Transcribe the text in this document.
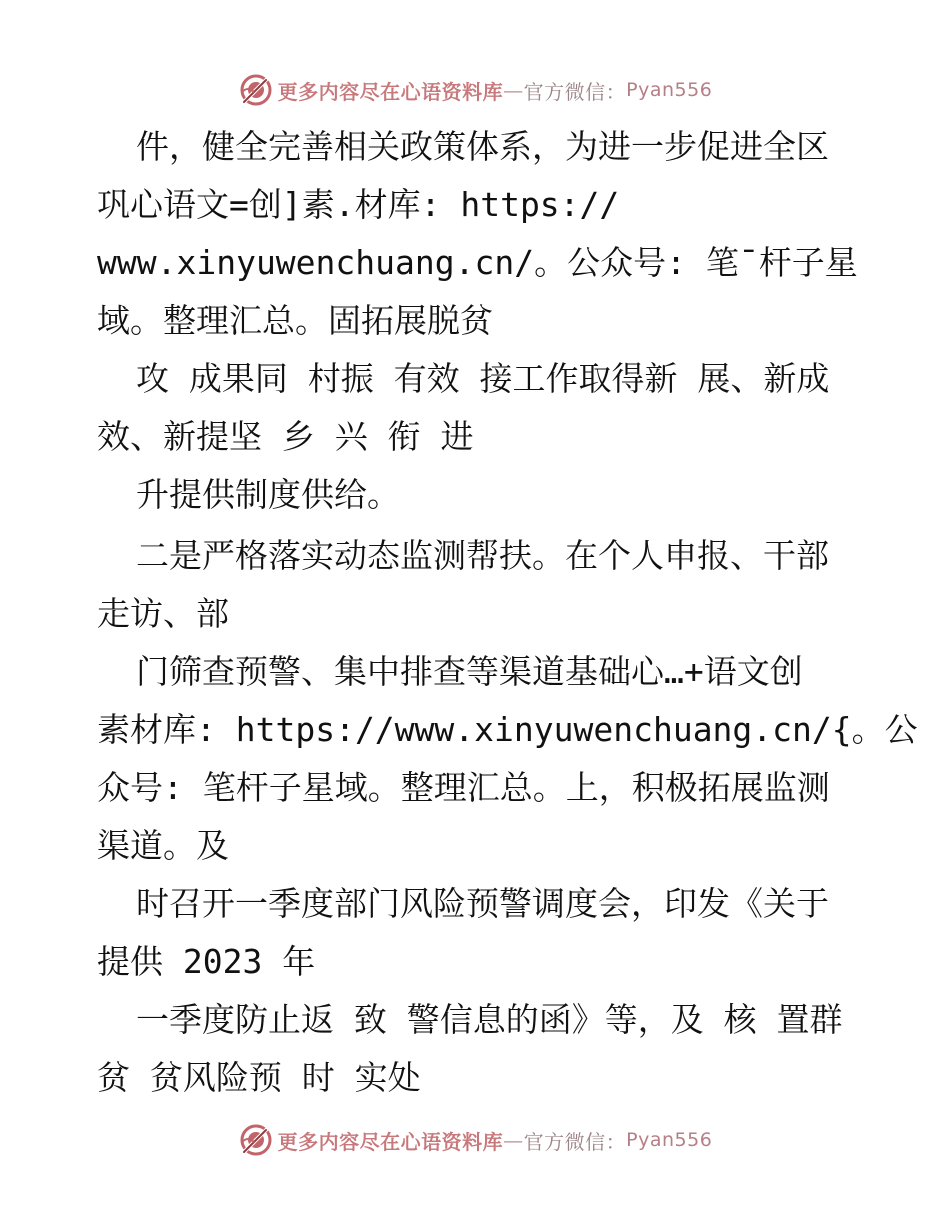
更多内容尽在心语资料库 — 官方微信： Pyan556
件，健全完善相关政策体系，为进一步促进全区
巩心语文=创]素.材库: https://
www.xinyuwenchuang.cn/。公众号: 笔¯杆子星
域。整理汇总。固拓展脱贫
攻 成果同 村振 有效 接工作取得新 展、新成
效、新提坚 乡 兴 衔 进
升提供制度供给。
二是严格落实动态监测帮扶。在个人申报、干部
走访、部
门筛查预警、集中排查等渠道基础心…+语文创
素材库: https://www.xinyuwenchuang.cn/{。公
众号: 笔杆子星域。整理汇总。上，积极拓展监测
渠道。及
时召开一季度部门风险预警调度会，印发《关于
提供 2023 年
一季度防止返 致 警信息的函》等，及 核 置群
贫 贫风险预 时 实处
更多内容尽在心语资料库 — 官方微信： Pyan556
